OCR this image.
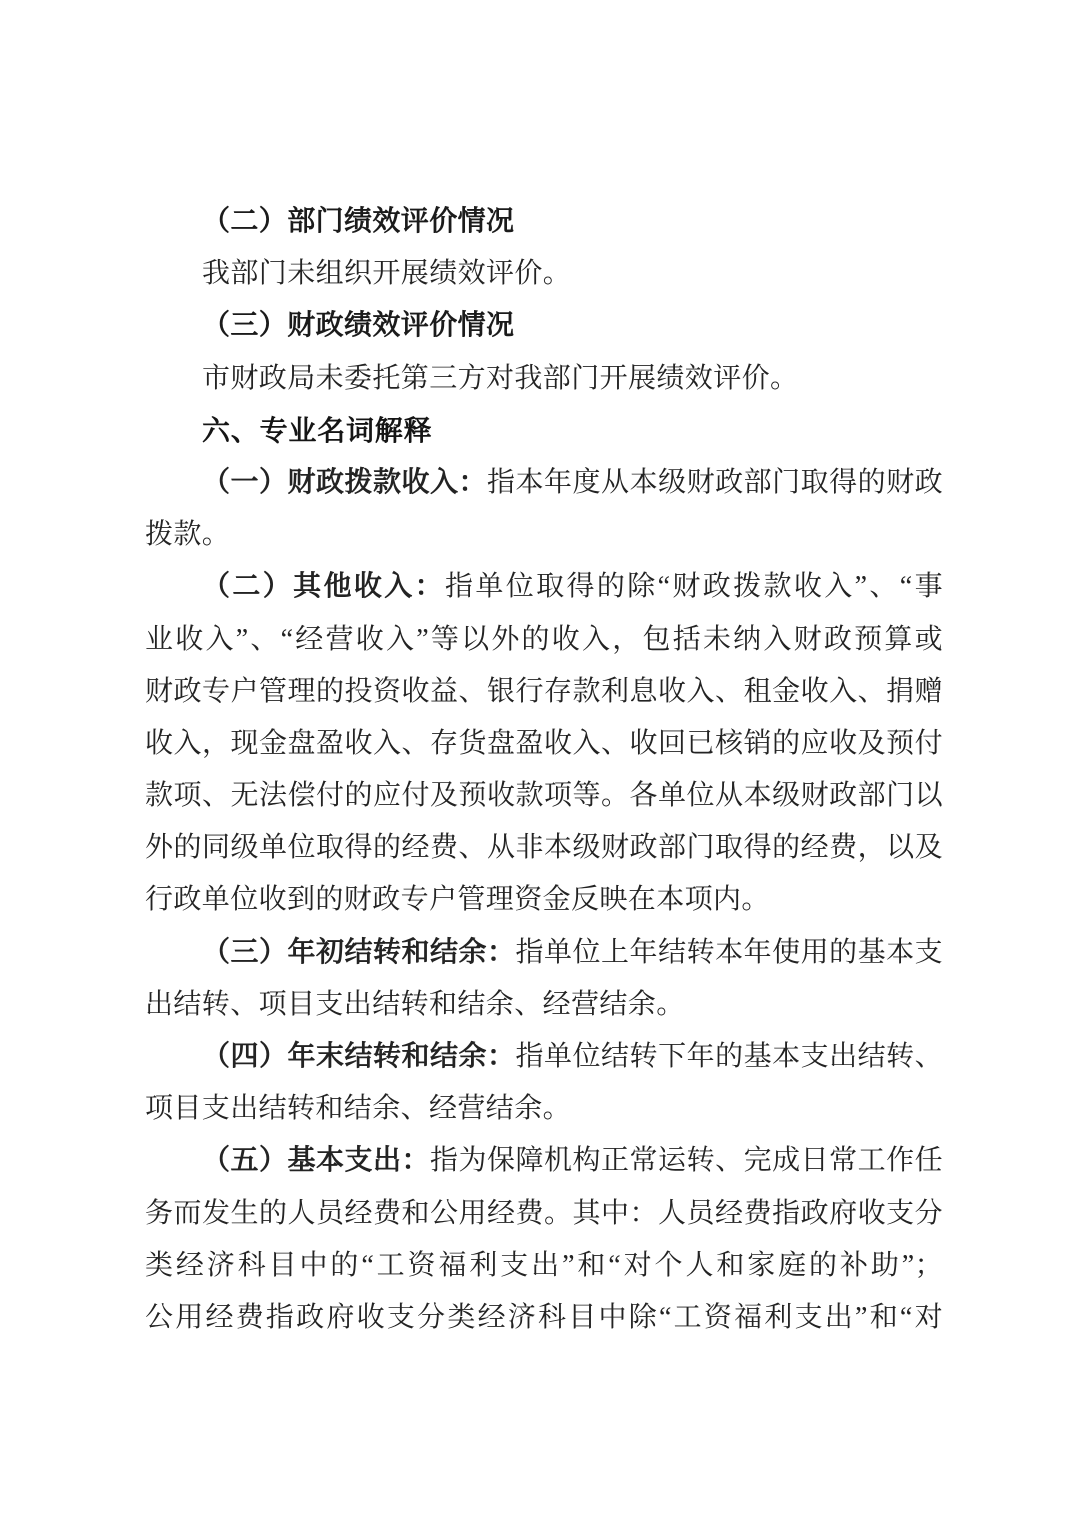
（二）部门绩效评价情况
我部门未组织开展绩效评价。
（三）财政绩效评价情况
市财政局未委托第三方对我部门开展绩效评价。
六、专业名词解释
（一）财政拨款收入：指本年度从本级财政部门取得的财政
拨款。
（二）其他收入：指单位取得的除“财政拨款收入”、“事
业收入”、“经营收入”等以外的收入，包括未纳入财政预算或
财政专户管理的投资收益、银行存款利息收入、租金收入、捐赠
收入，现金盘盈收入、存货盘盈收入、收回已核销的应收及预付
款项、无法偿付的应付及预收款项等。各单位从本级财政部门以
外的同级单位取得的经费、从非本级财政部门取得的经费，以及
行政单位收到的财政专户管理资金反映在本项内。
（三）年初结转和结余：指单位上年结转本年使用的基本支
出结转、项目支出结转和结余、经营结余。
（四）年末结转和结余：指单位结转下年的基本支出结转、
项目支出结转和结余、经营结余。
（五）基本支出：指为保障机构正常运转、完成日常工作任
务而发生的人员经费和公用经费。其中：人员经费指政府收支分
类经济科目中的“工资福利支出”和“对个人和家庭的补助”；
公用经费指政府收支分类经济科目中除“工资福利支出”和“对
